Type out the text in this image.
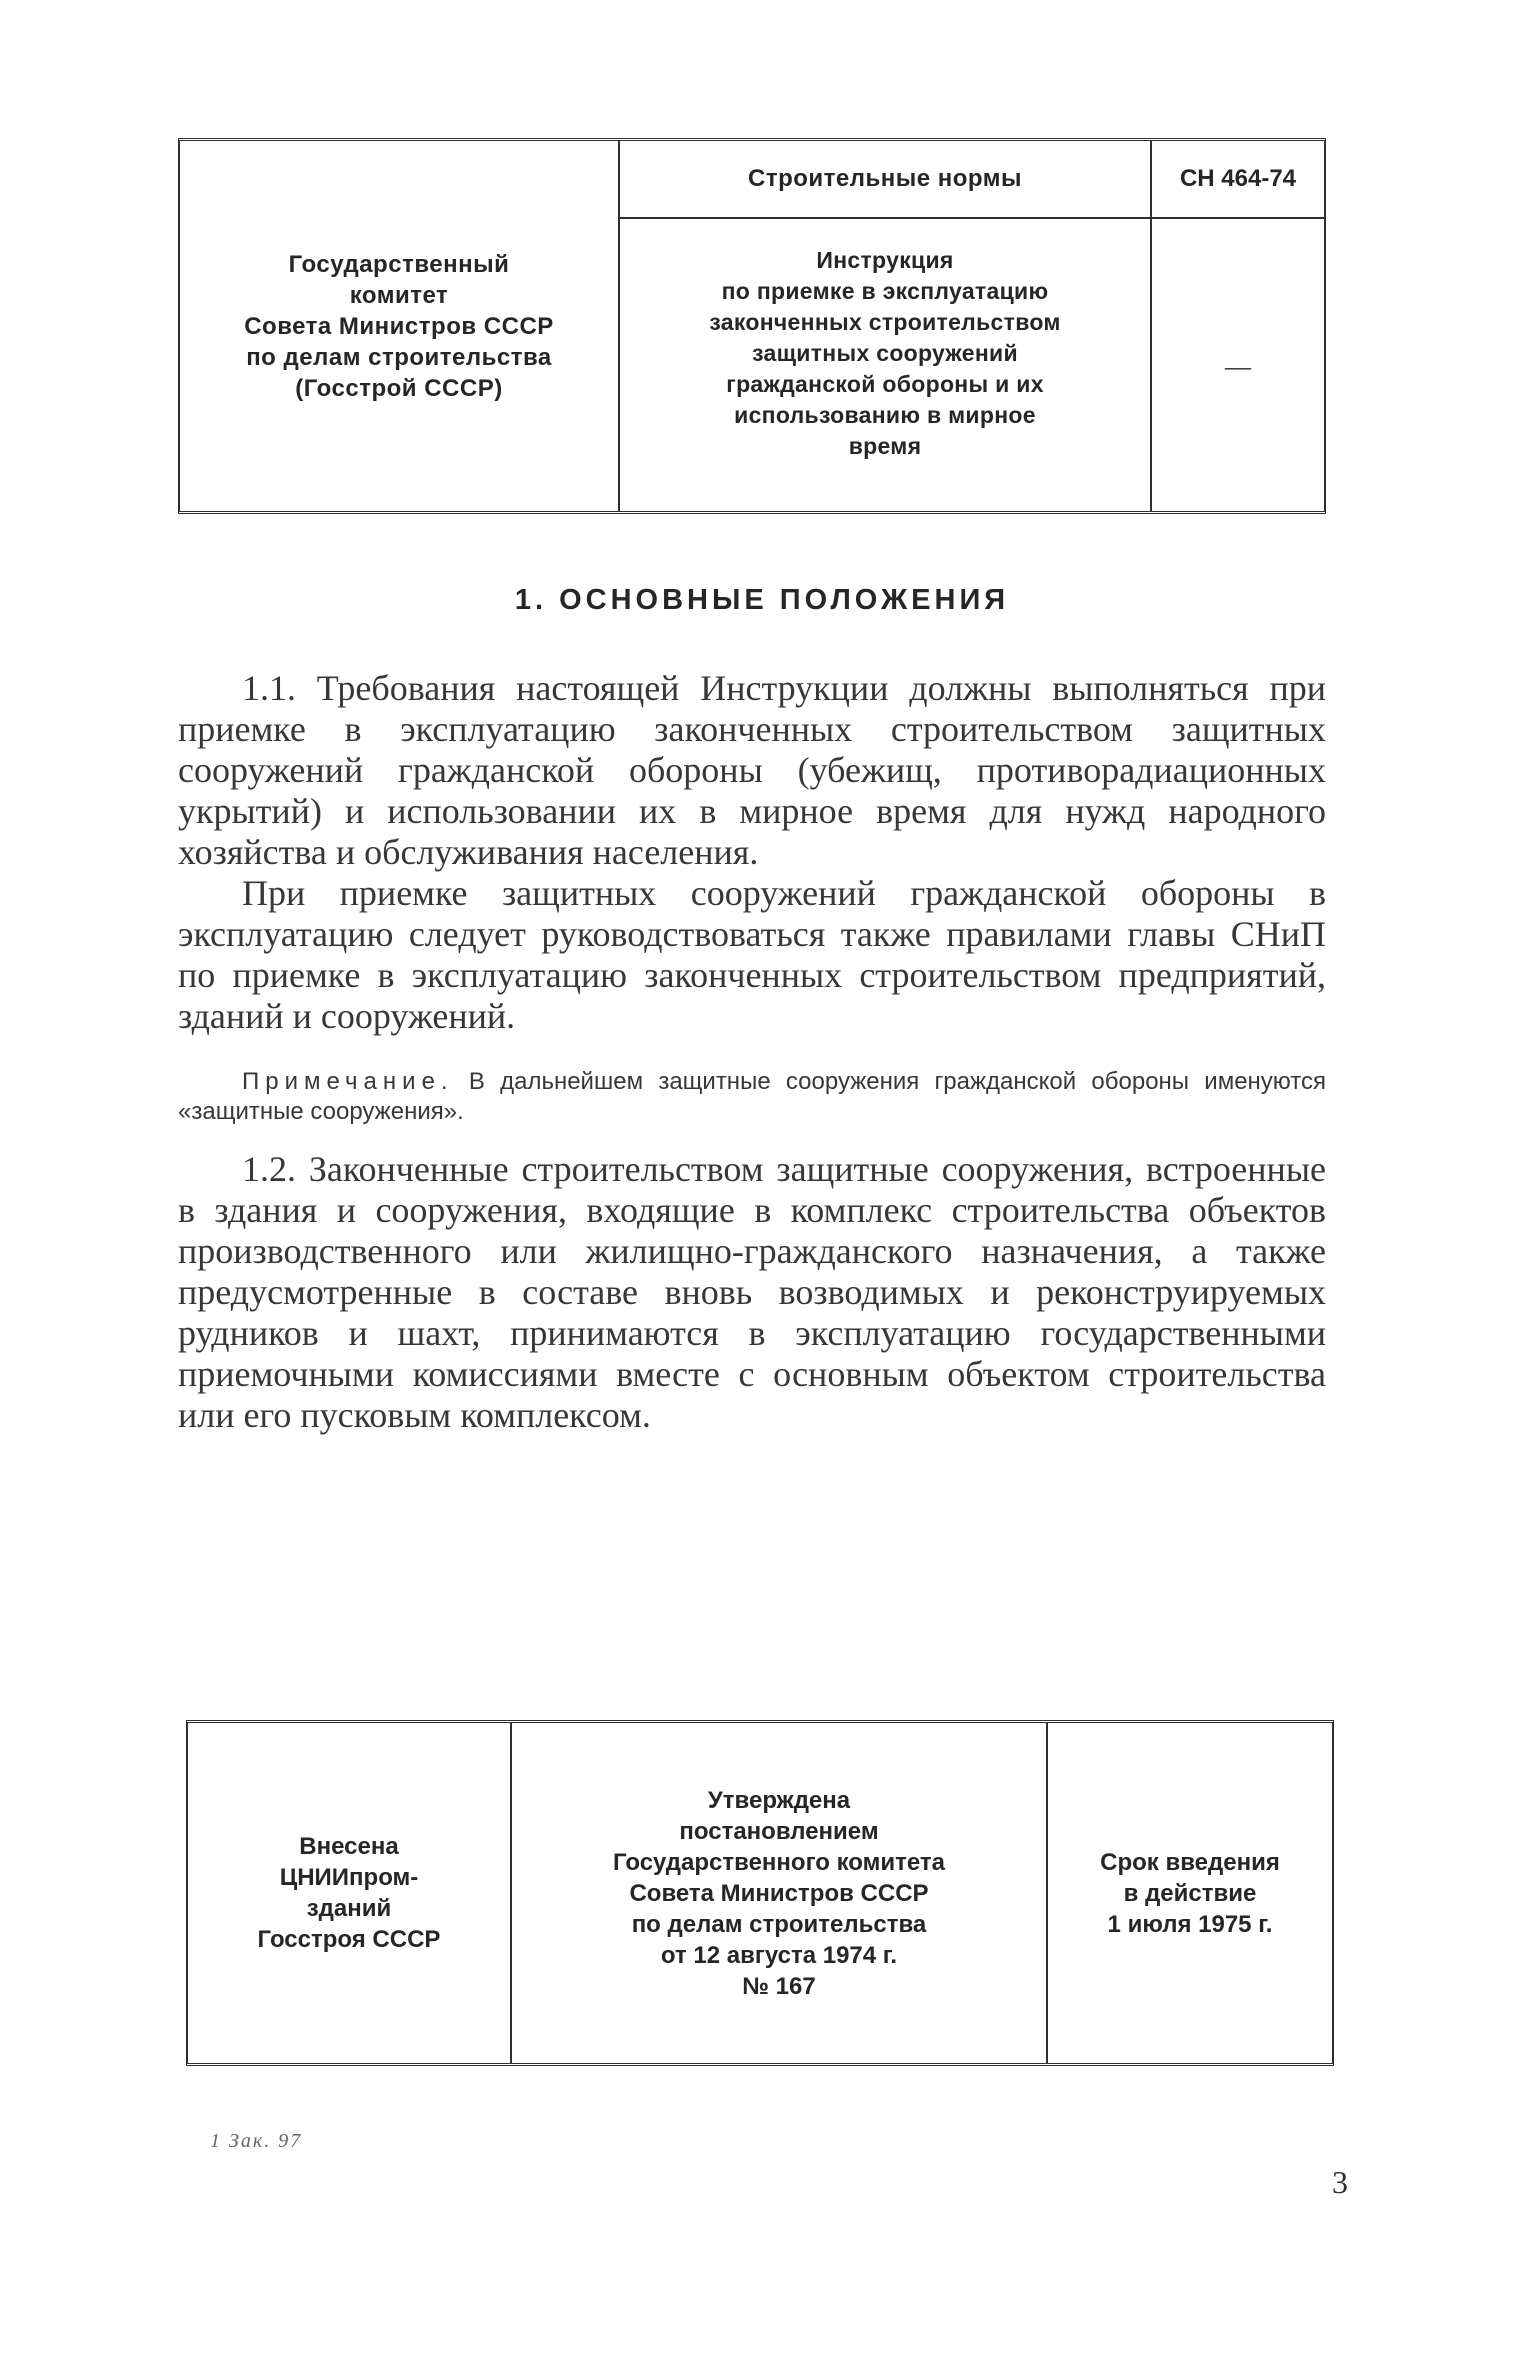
Государственный
комитет
Совета Министров СССР
по делам строительства
(Госстрой СССР)
Строительные нормы
Инструкция
по приемке в эксплуатацию
законченных строительством
защитных сооружений
гражданской обороны и их
использованию в мирное
время
СН 464-74
—
1. ОСНОВНЫЕ ПОЛОЖЕНИЯ

1.1. Требования настоящей Инструкции должны выполняться при приемке в эксплуатацию законченных строительством защитных сооружений гражданской обороны (убежищ, противорадиационных укрытий) и использовании их в мирное время для нужд народного хозяйства и обслуживания населения.

При приемке защитных сооружений гражданской обороны в эксплуатацию следует руководствоваться также правилами главы СНиП по приемке в эксплуатацию законченных строительством предприятий, зданий и сооружений.

Примечание. В дальнейшем защитные сооружения гражданской обороны именуются «защитные сооружения».

1.2. Законченные строительством защитные сооружения, встроенные в здания и сооружения, входящие в комплекс строительства объектов производственного или жилищно-гражданского назначения, а также предусмотренные в составе вновь возводимых и реконструируемых рудников и шахт, принимаются в эксплуатацию государственными приемочными комиссиями вместе с основным объектом строительства или его пусковым комплексом.

Внесена
ЦНИИпром-
зданий
Госстроя СССР
Утверждена
постановлением
Государственного комитета
Совета Министров СССР
по делам строительства
от 12 августа 1974 г.
№ 167
Срок введения
в действие
1 июля 1975 г.
1 Зак. 97
3
